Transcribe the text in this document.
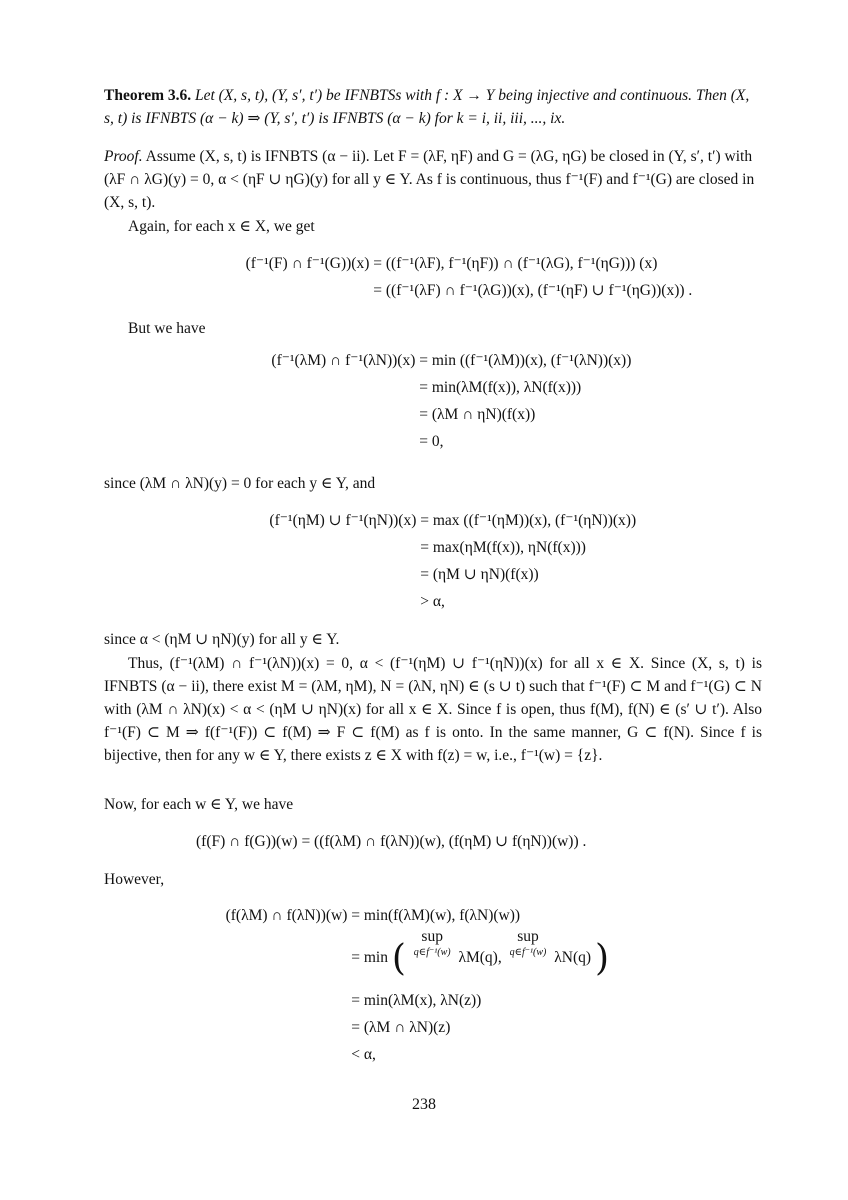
Theorem 3.6. Let (X, s, t), (Y, s′, t′) be IFNBTSs with f : X → Y being injective and continuous. Then (X, s, t) is IFNBTS (α − k) ⇒ (Y, s′, t′) is IFNBTS (α − k) for k = i, ii, iii, ..., ix.
Proof. Assume (X, s, t) is IFNBTS (α − ii). Let F = (λF, ηF) and G = (λG, ηG) be closed in (Y, s′, t′) with (λF ∩ λG)(y) = 0, α < (ηF ∪ ηG)(y) for all y ∈ Y. As f is continuous, thus f⁻¹(F) and f⁻¹(G) are closed in (X, s, t).
Again, for each x ∈ X, we get
(f⁻¹(F) ∩ f⁻¹(G))(x) = ((f⁻¹(λF), f⁻¹(ηF)) ∩ (f⁻¹(λG), f⁻¹(ηG))) (x)
= ((f⁻¹(λF) ∩ f⁻¹(λG))(x), (f⁻¹(ηF) ∪ f⁻¹(ηG))(x)) .
But we have
(f⁻¹(λM) ∩ f⁻¹(λN))(x) = min ((f⁻¹(λM))(x), (f⁻¹(λN))(x))
= min(λM(f(x)), λN(f(x)))
= (λM ∩ ηN)(f(x))
= 0,
since (λM ∩ λN)(y) = 0 for each y ∈ Y, and
(f⁻¹(ηM) ∪ f⁻¹(ηN))(x) = max ((f⁻¹(ηM))(x), (f⁻¹(ηN))(x))
= max(ηM(f(x)), ηN(f(x)))
= (ηM ∪ ηN)(f(x))
> α,
since α < (ηM ∪ ηN)(y) for all y ∈ Y.
Thus, (f⁻¹(λM) ∩ f⁻¹(λN))(x) = 0, α < (f⁻¹(ηM) ∪ f⁻¹(ηN))(x) for all x ∈ X. Since (X, s, t) is IFNBTS (α − ii), there exist M = (λM, ηM), N = (λN, ηN) ∈ (s ∪ t) such that f⁻¹(F) ⊂ M and f⁻¹(G) ⊂ N with (λM ∩ λN)(x) < α < (ηM ∪ ηN)(x) for all x ∈ X. Since f is open, thus f(M), f(N) ∈ (s′ ∪ t′). Also f⁻¹(F) ⊂ M ⇒ f(f⁻¹(F)) ⊂ f(M) ⇒ F ⊂ f(M) as f is onto. In the same manner, G ⊂ f(N). Since f is bijective, then for any w ∈ Y, there exists z ∈ X with f(z) = w, i.e., f⁻¹(w) = {z}.
Now, for each w ∈ Y, we have
(f(F) ∩ f(G))(w) = ((f(λM) ∩ f(λN))(w), (f(ηM) ∪ f(ηN))(w)) .
However,
(f(λM) ∩ f(λN))(w) = min(f(λM)(w), f(λN)(w))
= min ( sup
q∈f⁻¹(w) λM(q), sup
q∈f⁻¹(w) λN(q) )
= min(λM(x), λN(z))
= (λM ∩ λN)(z)
< α,
238
